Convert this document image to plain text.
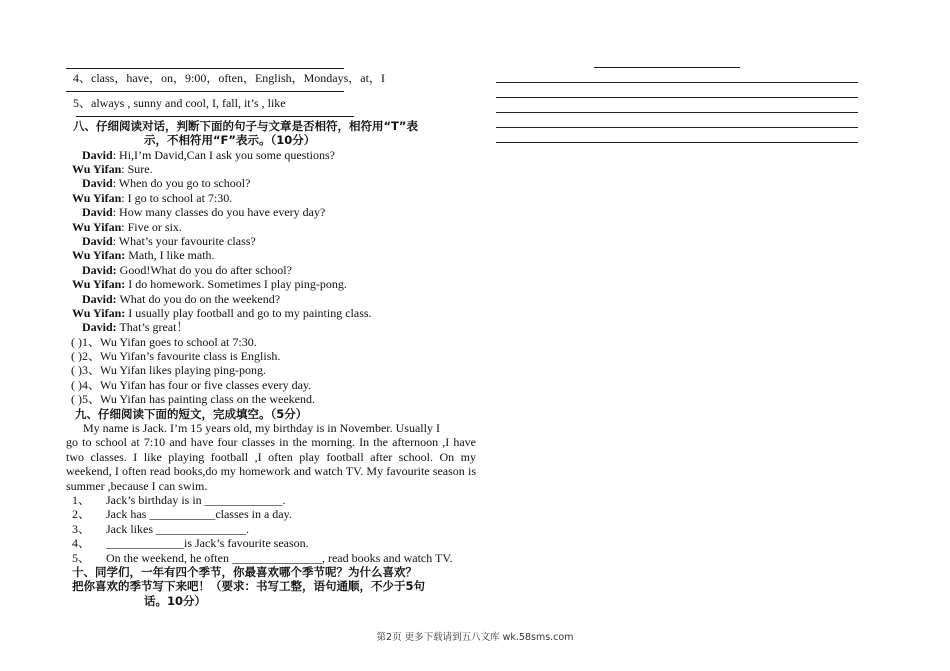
4、class，have，on，9:00，often，English，Mondays，at，I
5、always , sunny and cool, I, fall, it’s , like
八、仔细阅读对话，判断下面的句子与文章是否相符，相符用“T”表
示，不相符用“F”表示。（10分）
David: Hi,I’m David,Can I ask you some questions?
Wu Yifan: Sure.
David: When do you go to school?
Wu Yifan: I go to school at 7:30.
David: How many classes do you have every day?
Wu Yifan: Five or six.
David: What’s your favourite class?
Wu Yifan: Math, I like math.
David: Good!What do you do after school?
Wu Yifan: I do homework. Sometimes I play ping-pong.
David: What do you do on the weekend?
Wu Yifan: I usually play football and go to my painting class.
David: That’s great！
( )1、Wu Yifan goes to school at 7:30.
( )2、Wu Yifan’s favourite class is English.
( )3、Wu Yifan likes playing ping-pong.
( )4、Wu Yifan has four or five classes every day.
( )5、Wu Yifan has painting class on the weekend.
九、仔细阅读下面的短文，完成填空。（5分）
My name is Jack. I’m 15 years old, my birthday is in November. Usually I
go to school at 7:10 and have four classes in the morning. In the afternoon ,I have two classes. I like playing football ,I often play football after school. On my weekend, I often read books,do my homework and watch TV. My favourite season is summer ,because I can swim.
1、 Jack’s birthday is in _____________.
2、 Jack has ___________classes in a day.
3、 Jack likes _______________.
4、 _____________is Jack’s favourite season.
5、 On the weekend, he often _______________, read books and watch TV.
十、同学们，一年有四个季节，你最喜欢哪个季节呢？为什么喜欢？
把你喜欢的季节写下来吧！（要求：书写工整，语句通顺，不少于5句
话。10分）
第2页 更多下载请到五八文库 wk.58sms.com
